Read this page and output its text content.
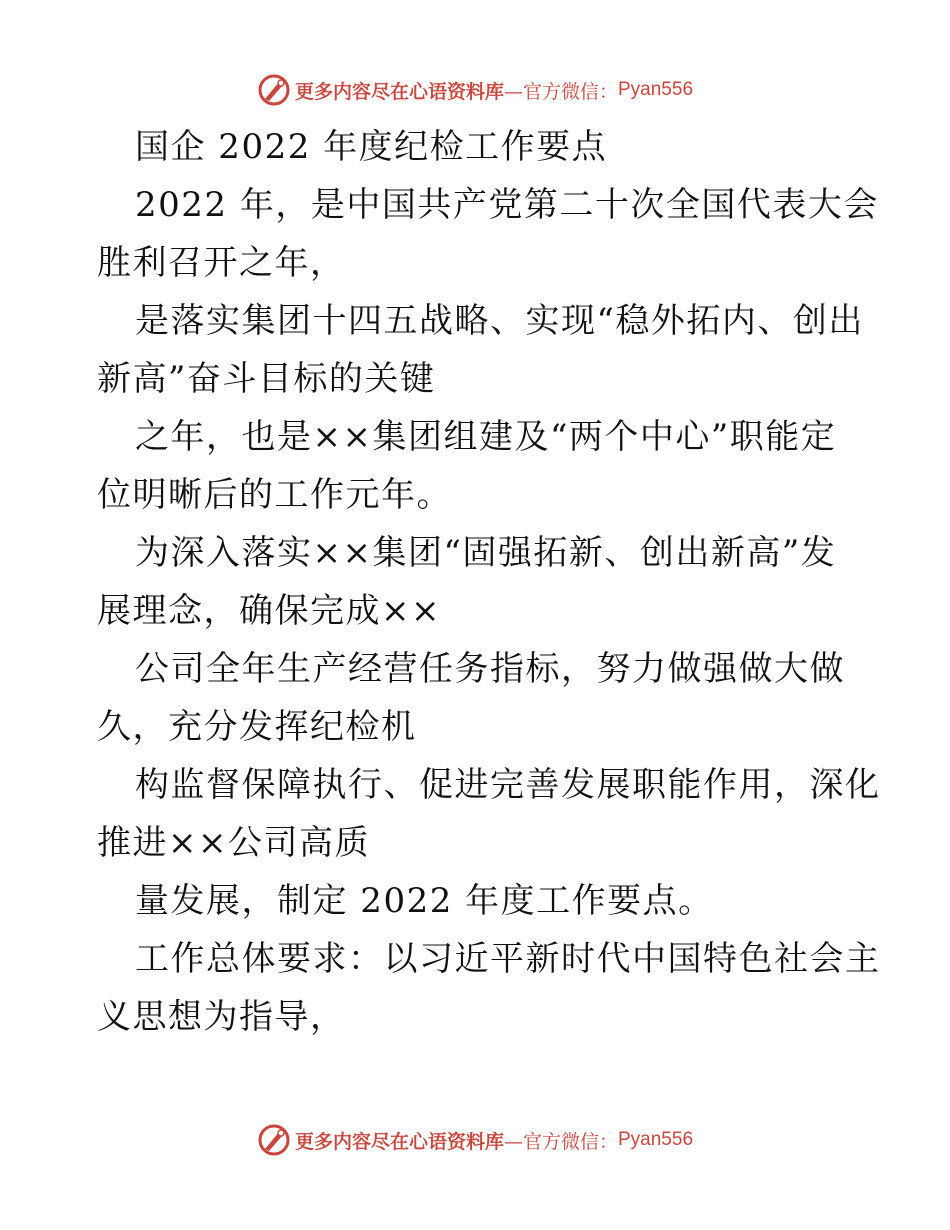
更多内容尽在心语资料库 —官方微信： Pyan556
国企 2022 年度纪检工作要点
2022 年，是中国共产党第二十次全国代表大会
胜利召开之年，
是落实集团十四五战略、实现“稳外拓内、创出
新高”奋斗目标的关键
之年，也是××集团组建及“两个中心”职能定
位明晰后的工作元年。
为深入落实××集团“固强拓新、创出新高”发
展理念，确保完成××
公司全年生产经营任务指标，努力做强做大做
久，充分发挥纪检机
构监督保障执行、促进完善发展职能作用，深化
推进××公司高质
量发展，制定 2022 年度工作要点。
工作总体要求：以习近平新时代中国特色社会主
义思想为指导，
更多内容尽在心语资料库 —官方微信： Pyan556
